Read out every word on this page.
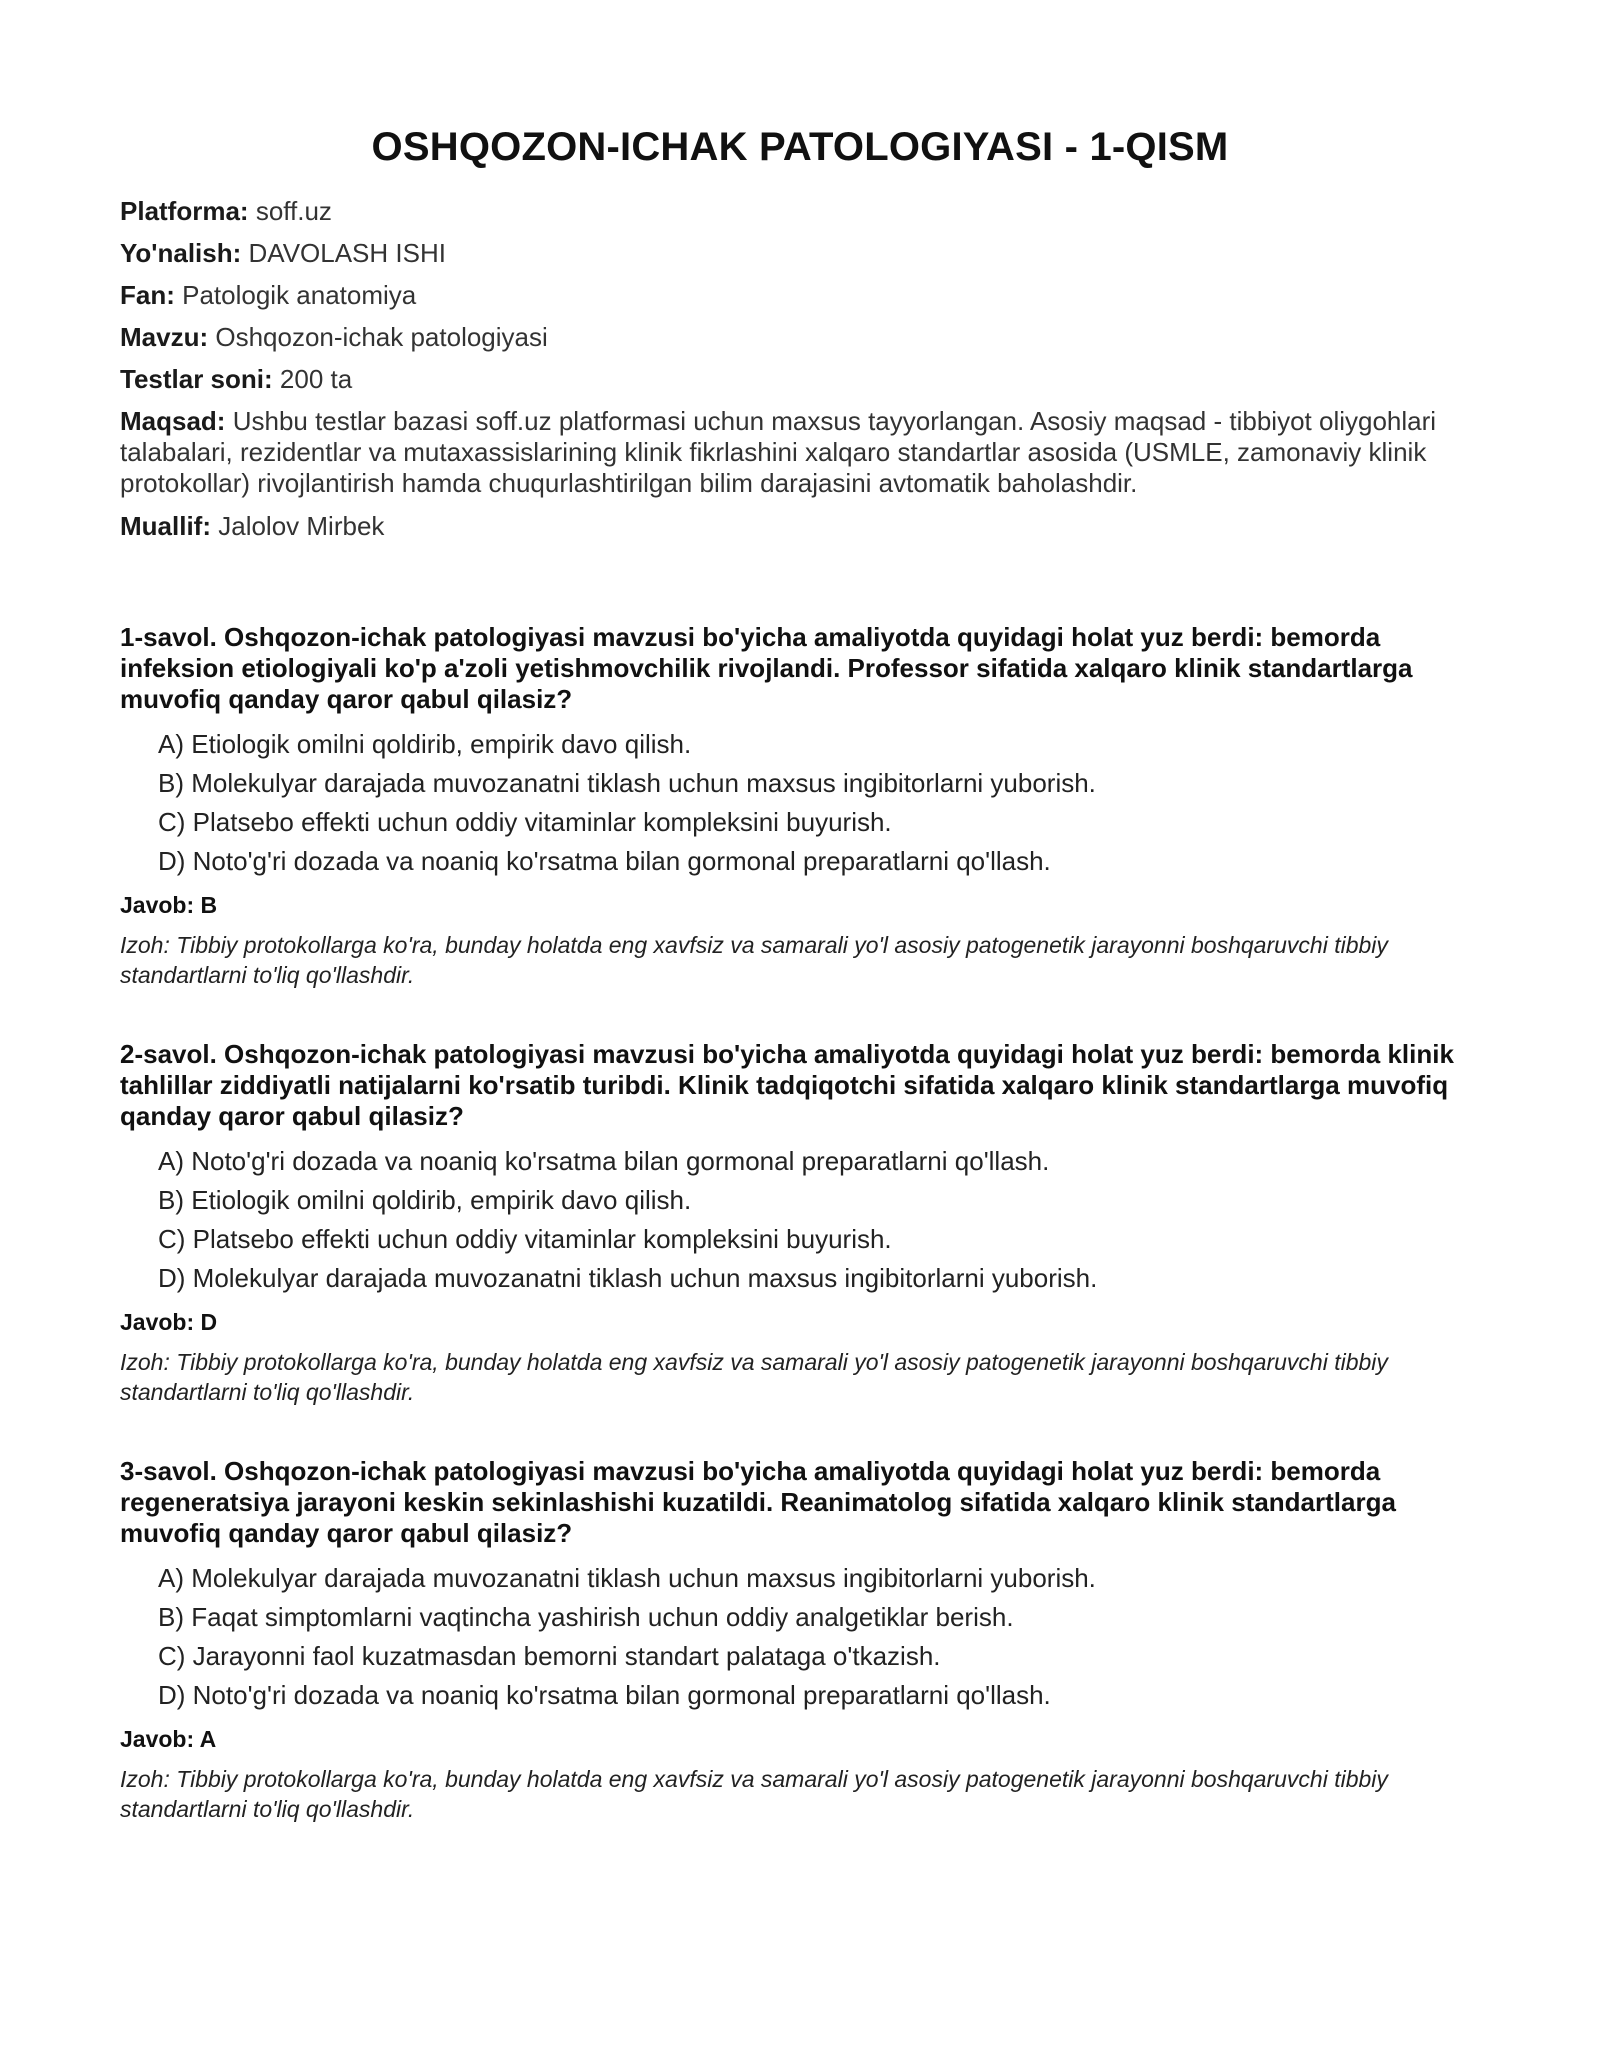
OSHQOZON-ICHAK PATOLOGIYASI - 1-QISM
Platforma: soff.uz
Yo'nalish: DAVOLASH ISHI
Fan: Patologik anatomiya
Mavzu: Oshqozon-ichak patologiyasi
Testlar soni: 200 ta
Maqsad: Ushbu testlar bazasi soff.uz platformasi uchun maxsus tayyorlangan. Asosiy maqsad - tibbiyot oliygohlari talabalari, rezidentlar va mutaxassislarining klinik fikrlashini xalqaro standartlar asosida (USMLE, zamonaviy klinik protokollar) rivojlantirish hamda chuqurlashtirilgan bilim darajasini avtomatik baholashdir.
Muallif: Jalolov Mirbek

1-savol. Oshqozon-ichak patologiyasi mavzusi bo'yicha amaliyotda quyidagi holat yuz berdi: bemorda infeksion etiologiyali ko'p a'zoli yetishmovchilik rivojlandi. Professor sifatida xalqaro klinik standartlarga muvofiq qanday qaror qabul qilasiz?

A) Etiologik omilni qoldirib, empirik davo qilish.
B) Molekulyar darajada muvozanatni tiklash uchun maxsus ingibitorlarni yuborish.
C) Platsebo effekti uchun oddiy vitaminlar kompleksini buyurish.
D) Noto'g'ri dozada va noaniq ko'rsatma bilan gormonal preparatlarni qo'llash.
Javob: B
Izoh: Tibbiy protokollarga ko'ra, bunday holatda eng xavfsiz va samarali yo'l asosiy patogenetik jarayonni boshqaruvchi tibbiy standartlarni to'liq qo'llashdir.

2-savol. Oshqozon-ichak patologiyasi mavzusi bo'yicha amaliyotda quyidagi holat yuz berdi: bemorda klinik tahlillar ziddiyatli natijalarni ko'rsatib turibdi. Klinik tadqiqotchi sifatida xalqaro klinik standartlarga muvofiq qanday qaror qabul qilasiz?

A) Noto'g'ri dozada va noaniq ko'rsatma bilan gormonal preparatlarni qo'llash.
B) Etiologik omilni qoldirib, empirik davo qilish.
C) Platsebo effekti uchun oddiy vitaminlar kompleksini buyurish.
D) Molekulyar darajada muvozanatni tiklash uchun maxsus ingibitorlarni yuborish.
Javob: D
Izoh: Tibbiy protokollarga ko'ra, bunday holatda eng xavfsiz va samarali yo'l asosiy patogenetik jarayonni boshqaruvchi tibbiy standartlarni to'liq qo'llashdir.

3-savol. Oshqozon-ichak patologiyasi mavzusi bo'yicha amaliyotda quyidagi holat yuz berdi: bemorda regeneratsiya jarayoni keskin sekinlashishi kuzatildi. Reanimatolog sifatida xalqaro klinik standartlarga muvofiq qanday qaror qabul qilasiz?

A) Molekulyar darajada muvozanatni tiklash uchun maxsus ingibitorlarni yuborish.
B) Faqat simptomlarni vaqtincha yashirish uchun oddiy analgetiklar berish.
C) Jarayonni faol kuzatmasdan bemorni standart palataga o'tkazish.
D) Noto'g'ri dozada va noaniq ko'rsatma bilan gormonal preparatlarni qo'llash.
Javob: A
Izoh: Tibbiy protokollarga ko'ra, bunday holatda eng xavfsiz va samarali yo'l asosiy patogenetik jarayonni boshqaruvchi tibbiy standartlarni to'liq qo'llashdir.
